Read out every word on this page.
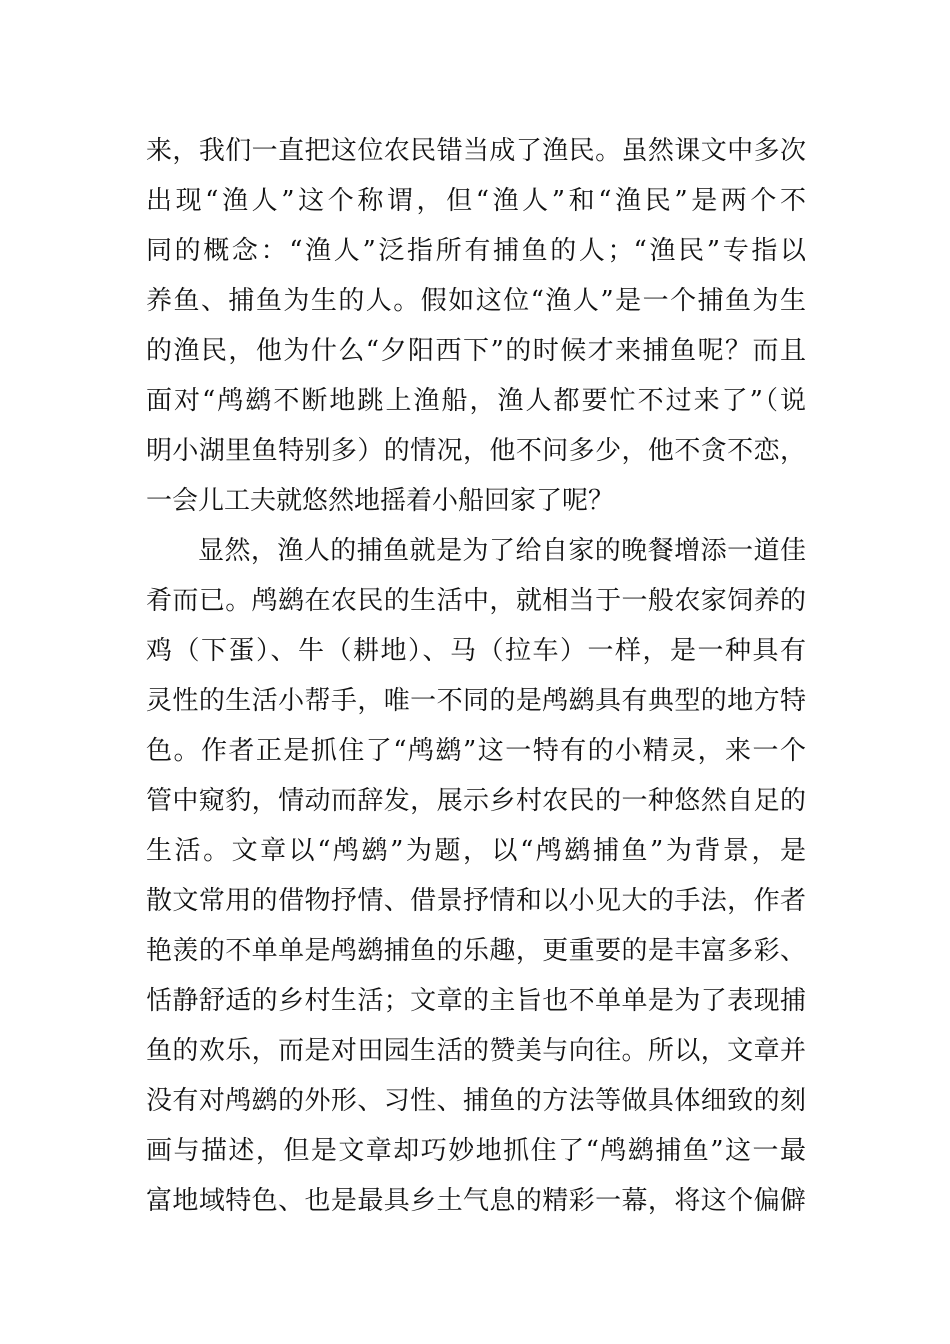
来，我们一直把这位农民错当成了渔民。虽然课文中多次
出现“渔人”这个称谓，但“渔人”和“渔民”是两个不
同的概念：“渔人”泛指所有捕鱼的人；“渔民”专指以
养鱼、捕鱼为生的人。假如这位“渔人”是一个捕鱼为生
的渔民，他为什么“夕阳西下”的时候才来捕鱼呢？而且
面对“鸬鹚不断地跳上渔船，渔人都要忙不过来了”（说
明小湖里鱼特别多）的情况，他不问多少，他不贪不恋，
一会儿工夫就悠然地摇着小船回家了呢？
显然，渔人的捕鱼就是为了给自家的晚餐增添一道佳
肴而已。鸬鹚在农民的生活中，就相当于一般农家饲养的
鸡（下蛋）、牛（耕地）、马（拉车）一样，是一种具有
灵性的生活小帮手，唯一不同的是鸬鹚具有典型的地方特
色。作者正是抓住了“鸬鹚”这一特有的小精灵，来一个
管中窥豹，情动而辞发，展示乡村农民的一种悠然自足的
生活。文章以“鸬鹚”为题，以“鸬鹚捕鱼”为背景，是
散文常用的借物抒情、借景抒情和以小见大的手法，作者
艳羡的不单单是鸬鹚捕鱼的乐趣，更重要的是丰富多彩、
恬静舒适的乡村生活；文章的主旨也不单单是为了表现捕
鱼的欢乐，而是对田园生活的赞美与向往。所以，文章并
没有对鸬鹚的外形、习性、捕鱼的方法等做具体细致的刻
画与描述，但是文章却巧妙地抓住了“鸬鹚捕鱼”这一最
富地域特色、也是最具乡土气息的精彩一幕，将这个偏僻
